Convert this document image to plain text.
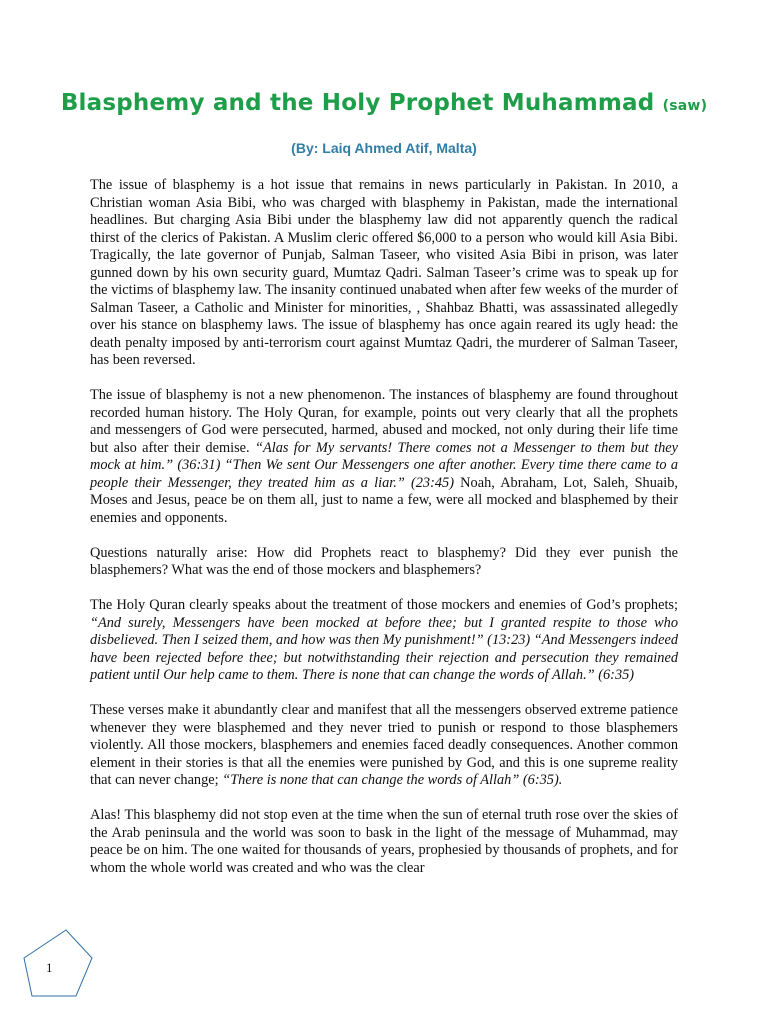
Blasphemy and the Holy Prophet Muhammad (saw)
(By: Laiq Ahmed Atif, Malta)

The issue of blasphemy is a hot issue that remains in news particularly in Pakistan. In 2010, a Christian woman Asia Bibi, who was charged with blasphemy in Pakistan, made the international headlines. But charging Asia Bibi under the blasphemy law did not apparently quench the radical thirst of the clerics of Pakistan. A Muslim cleric offered $6,000 to a person who would kill Asia Bibi. Tragically, the late governor of Punjab, Salman Taseer, who visited Asia Bibi in prison, was later gunned down by his own security guard, Mumtaz Qadri. Salman Taseer’s crime was to speak up for the victims of blasphemy law. The insanity continued unabated when after few weeks of the murder of Salman Taseer, a Catholic and Minister for minorities, , Shahbaz Bhatti, was assassinated allegedly over his stance on blasphemy laws. The issue of blasphemy has once again reared its ugly head: the death penalty imposed by anti-terrorism court against Mumtaz Qadri, the murderer of Salman Taseer, has been reversed.

The issue of blasphemy is not a new phenomenon. The instances of blasphemy are found throughout recorded human history. The Holy Quran, for example, points out very clearly that all the prophets and messengers of God were persecuted, harmed, abused and mocked, not only during their life time but also after their demise. “Alas for My servants! There comes not a Messenger to them but they mock at him.” (36:31) “Then We sent Our Messengers one after another. Every time there came to a people their Messenger, they treated him as a liar.” (23:45) Noah, Abraham, Lot, Saleh, Shuaib, Moses and Jesus, peace be on them all, just to name a few, were all mocked and blasphemed by their enemies and opponents.

Questions naturally arise: How did Prophets react to blasphemy? Did they ever punish the blasphemers? What was the end of those mockers and blasphemers?

The Holy Quran clearly speaks about the treatment of those mockers and enemies of God’s prophets; “And surely, Messengers have been mocked at before thee; but I granted respite to those who disbelieved. Then I seized them, and how was then My punishment!” (13:23) “And Messengers indeed have been rejected before thee; but notwithstanding their rejection and persecution they remained patient until Our help came to them. There is none that can change the words of Allah.” (6:35)

These verses make it abundantly clear and manifest that all the messengers observed extreme patience whenever they were blasphemed and they never tried to punish or respond to those blasphemers violently. All those mockers, blasphemers and enemies faced deadly consequences. Another common element in their stories is that all the enemies were punished by God, and this is one supreme reality that can never change; “There is none that can change the words of Allah” (6:35).

Alas! This blasphemy did not stop even at the time when the sun of eternal truth rose over the skies of the Arab peninsula and the world was soon to bask in the light of the message of Muhammad, may peace be on him. The one waited for thousands of years, prophesied by thousands of prophets, and for whom the whole world was created and who was the clear

1
